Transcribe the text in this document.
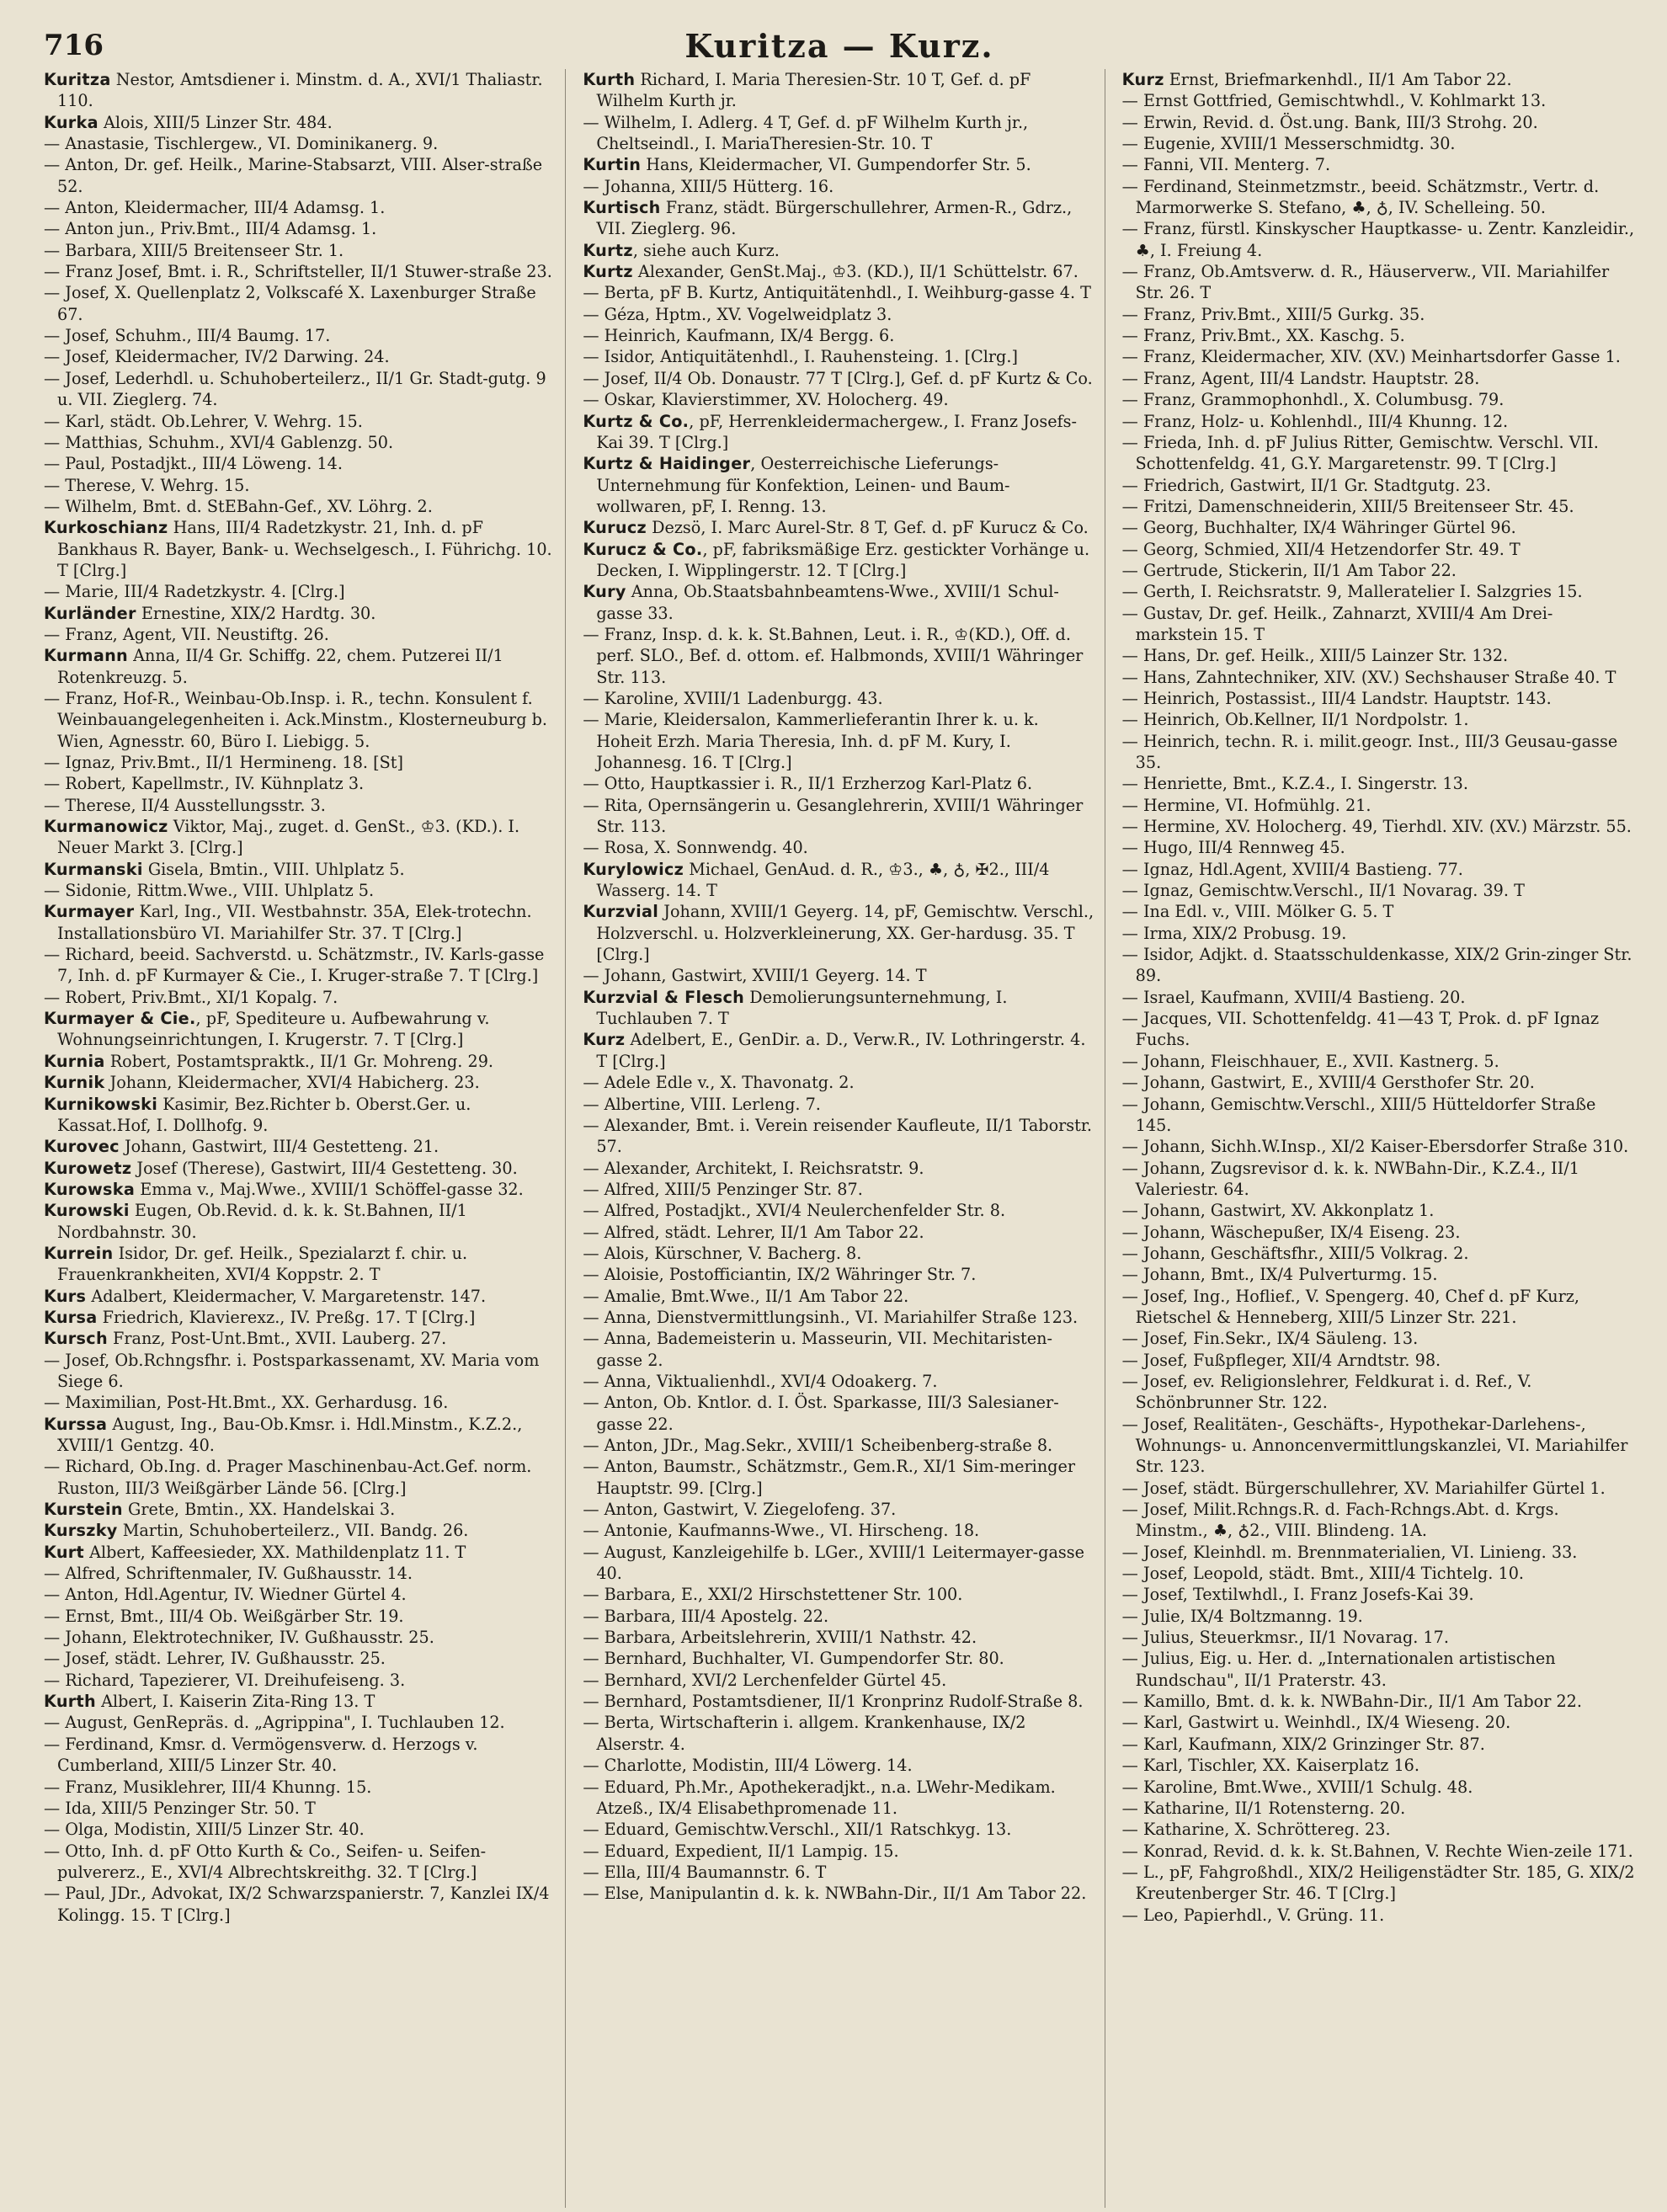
716	Kuritza — Kurz.

Kuritza Nestor, Amtsdiener i. Minstm. d. A., XVI/1 Thaliastr. 110.

Kurka Alois, XIII/5 Linzer Str. 484.

— Anastasie, Tischlergew., VI. Dominikanerg. 9.

— Anton, Dr. gef. Heilk., Marine-Stabsarzt, VIII. Alser-straße 52.

— Anton, Kleidermacher, III/4 Adamsg. 1.

— Anton jun., Priv.Bmt., III/4 Adamsg. 1.

— Barbara, XIII/5 Breitenseer Str. 1.

— Franz Josef, Bmt. i. R., Schriftsteller, II/1 Stuwer-straße 23.

— Josef, X. Quellenplatz 2, Volkscafé X. Laxenburger Straße 67.

— Josef, Schuhm., III/4 Baumg. 17.

— Josef, Kleidermacher, IV/2 Darwing. 24.

— Josef, Lederhdl. u. Schuhoberteilerz., II/1 Gr. Stadt-gutg. 9 u. VII. Zieglerg. 74.

— Karl, städt. Ob.Lehrer, V. Wehrg. 15.

— Matthias, Schuhm., XVI/4 Gablenzg. 50.

— Paul, Postadjkt., III/4 Löweng. 14.

— Therese, V. Wehrg. 15.

— Wilhelm, Bmt. d. StEBahn-Gef., XV. Löhrg. 2.

Kurkoschianz Hans, III/4 Radetzkystr. 21, Inh. d. pF Bankhaus R. Bayer, Bank- u. Wechselgesch., I. Führichg. 10. T [Clrg.]

— Marie, III/4 Radetzkystr. 4. [Clrg.]

Kurländer Ernestine, XIX/2 Hardtg. 30.

— Franz, Agent, VII. Neustiftg. 26.

Kurmann Anna, II/4 Gr. Schiffg. 22, chem. Putzerei II/1 Rotenkreuzg. 5.

— Franz, Hof-R., Weinbau-Ob.Insp. i. R., techn. Konsulent f. Weinbauangelegenheiten i. Ack.Minstm., Klosterneuburg b. Wien, Agnesstr. 60, Büro I. Liebigg. 5.

— Ignaz, Priv.Bmt., II/1 Hermineng. 18. [St]

— Robert, Kapellmstr., IV. Kühnplatz 3.

— Therese, II/4 Ausstellungsstr. 3.

Kurmanowicz Viktor, Maj., zuget. d. GenSt., ♔3. (KD.). I. Neuer Markt 3. [Clrg.]

Kurmanski Gisela, Bmtin., VIII. Uhlplatz 5.

— Sidonie, Rittm.Wwe., VIII. Uhlplatz 5.

Kurmayer Karl, Ing., VII. Westbahnstr. 35A, Elek-trotechn. Installationsbüro VI. Mariahilfer Str. 37. T [Clrg.]

— Richard, beeid. Sachverstd. u. Schätzmstr., IV. Karls-gasse 7, Inh. d. pF Kurmayer & Cie., I. Kruger-straße 7. T [Clrg.]

— Robert, Priv.Bmt., XI/1 Kopalg. 7.

Kurmayer & Cie., pF, Spediteure u. Aufbewahrung v. Wohnungseinrichtungen, I. Krugerstr. 7. T [Clrg.]

Kurnia Robert, Postamtspraktk., II/1 Gr. Mohreng. 29.

Kurnik Johann, Kleidermacher, XVI/4 Habicherg. 23.

Kurnikowski Kasimir, Bez.Richter b. Oberst.Ger. u. Kassat.Hof, I. Dollhofg. 9.

Kurovec Johann, Gastwirt, III/4 Gestetteng. 21.

Kurowetz Josef (Therese), Gastwirt, III/4 Gestetteng. 30.

Kurowska Emma v., Maj.Wwe., XVIII/1 Schöffel-gasse 32.

Kurowski Eugen, Ob.Revid. d. k. k. St.Bahnen, II/1 Nordbahnstr. 30.

Kurrein Isidor, Dr. gef. Heilk., Spezialarzt f. chir. u. Frauenkrankheiten, XVI/4 Koppstr. 2. T

Kurs Adalbert, Kleidermacher, V. Margaretenstr. 147.

Kursa Friedrich, Klavierexz., IV. Preßg. 17. T [Clrg.]

Kursch Franz, Post-Unt.Bmt., XVII. Lauberg. 27.

— Josef, Ob.Rchngsfhr. i. Postsparkassenamt, XV. Maria vom Siege 6.

— Maximilian, Post-Ht.Bmt., XX. Gerhardusg. 16.

Kurssa August, Ing., Bau-Ob.Kmsr. i. Hdl.Minstm., K.Z.2., XVIII/1 Gentzg. 40.

— Richard, Ob.Ing. d. Prager Maschinenbau-Act.Gef. norm. Ruston, III/3 Weißgärber Lände 56. [Clrg.]

Kurstein Grete, Bmtin., XX. Handelskai 3.

Kurszky Martin, Schuhoberteilerz., VII. Bandg. 26.

Kurt Albert, Kaffeesieder, XX. Mathildenplatz 11. T

— Alfred, Schriftenmaler, IV. Gußhausstr. 14.

— Anton, Hdl.Agentur, IV. Wiedner Gürtel 4.

— Ernst, Bmt., III/4 Ob. Weißgärber Str. 19.

— Johann, Elektrotechniker, IV. Gußhausstr. 25.

— Josef, städt. Lehrer, IV. Gußhausstr. 25.

— Richard, Tapezierer, VI. Dreihufeiseng. 3.

Kurth Albert, I. Kaiserin Zita-Ring 13. T

— August, GenRepräs. d. „Agrippina", I. Tuchlauben 12.

— Ferdinand, Kmsr. d. Vermögensverw. d. Herzogs v. Cumberland, XIII/5 Linzer Str. 40.

— Franz, Musiklehrer, III/4 Khunng. 15.

— Ida, XIII/5 Penzinger Str. 50. T

— Olga, Modistin, XIII/5 Linzer Str. 40.

— Otto, Inh. d. pF Otto Kurth & Co., Seifen- u. Seifen-pulvererz., E., XVI/4 Albrechtskreithg. 32. T [Clrg.]

— Paul, JDr., Advokat, IX/2 Schwarzspanierstr. 7, Kanzlei IX/4 Kolingg. 15. T [Clrg.]

Kurth Richard, I. Maria Theresien-Str. 10 T, Gef. d. pF Wilhelm Kurth jr.

— Wilhelm, I. Adlerg. 4 T, Gef. d. pF Wilhelm Kurth jr., Cheltseindl., I. MariaTheresien-Str. 10. T

Kurtin Hans, Kleidermacher, VI. Gumpendorfer Str. 5.

— Johanna, XIII/5 Hütterg. 16.

Kurtisch Franz, städt. Bürgerschullehrer, Armen-R., Gdrz., VII. Zieglerg. 96.

Kurtz, siehe auch Kurz.

Kurtz Alexander, GenSt.Maj., ♔3. (KD.), II/1 Schüttelstr. 67.

— Berta, pF B. Kurtz, Antiquitätenhdl., I. Weihburg-gasse 4. T

— Géza, Hptm., XV. Vogelweidplatz 3.

— Heinrich, Kaufmann, IX/4 Bergg. 6.

— Isidor, Antiquitätenhdl., I. Rauhensteing. 1. [Clrg.]

— Josef, II/4 Ob. Donaustr. 77 T [Clrg.], Gef. d. pF Kurtz & Co.

— Oskar, Klavierstimmer, XV. Holocherg. 49.

Kurtz & Co., pF, Herrenkleidermachergew., I. Franz Josefs-Kai 39. T [Clrg.]

Kurtz & Haidinger, Oesterreichische Lieferungs-Unternehmung für Konfektion, Leinen- und Baum-wollwaren, pF, I. Renng. 13.

Kurucz Dezsö, I. Marc Aurel-Str. 8 T, Gef. d. pF Kurucz & Co.

Kurucz & Co., pF, fabriksmäßige Erz. gestickter Vorhänge u. Decken, I. Wipplingerstr. 12. T [Clrg.]

Kury Anna, Ob.Staatsbahnbeamtens-Wwe., XVIII/1 Schul-gasse 33.

— Franz, Insp. d. k. k. St.Bahnen, Leut. i. R., ♔(KD.), Off. d. perf. SLO., Bef. d. ottom. ef. Halbmonds, XVIII/1 Währinger Str. 113.

— Karoline, XVIII/1 Ladenburgg. 43.

— Marie, Kleidersalon, Kammerlieferantin Ihrer k. u. k. Hoheit Erzh. Maria Theresia, Inh. d. pF M. Kury, I. Johannesg. 16. T [Clrg.]

— Otto, Hauptkassier i. R., II/1 Erzherzog Karl-Platz 6.

— Rita, Opernsängerin u. Gesanglehrerin, XVIII/1 Währinger Str. 113.

— Rosa, X. Sonnwendg. 40.

Kurylowicz Michael, GenAud. d. R., ♔3., ♣, ♁, ✠2., III/4 Wasserg. 14. T

Kurzvial Johann, XVIII/1 Geyerg. 14, pF, Gemischtw. Verschl., Holzverschl. u. Holzverkleinerung, XX. Ger-hardusg. 35. T [Clrg.]

— Johann, Gastwirt, XVIII/1 Geyerg. 14. T

Kurzvial & Flesch Demolierungsunternehmung, I. Tuchlauben 7. T

Kurz Adelbert, E., GenDir. a. D., Verw.R., IV. Lothringerstr. 4. T [Clrg.]

— Adele Edle v., X. Thavonatg. 2.

— Albertine, VIII. Lerleng. 7.

— Alexander, Bmt. i. Verein reisender Kaufleute, II/1 Taborstr. 57.

— Alexander, Architekt, I. Reichsratstr. 9.

— Alfred, XIII/5 Penzinger Str. 87.

— Alfred, Postadjkt., XVI/4 Neulerchenfelder Str. 8.

— Alfred, städt. Lehrer, II/1 Am Tabor 22.

— Alois, Kürschner, V. Bacherg. 8.

— Aloisie, Postofficiantin, IX/2 Währinger Str. 7.

— Amalie, Bmt.Wwe., II/1 Am Tabor 22.

— Anna, Dienstvermittlungsinh., VI. Mariahilfer Straße 123.

— Anna, Bademeisterin u. Masseurin, VII. Mechitaristen-gasse 2.

— Anna, Viktualienhdl., XVI/4 Odoakerg. 7.

— Anton, Ob. Kntlor. d. I. Öst. Sparkasse, III/3 Salesianer-gasse 22.

— Anton, JDr., Mag.Sekr., XVIII/1 Scheibenberg-straße 8.

— Anton, Baumstr., Schätzmstr., Gem.R., XI/1 Sim-meringer Hauptstr. 99. [Clrg.]

— Anton, Gastwirt, V. Ziegelofeng. 37.

— Antonie, Kaufmanns-Wwe., VI. Hirscheng. 18.

— August, Kanzleigehilfe b. LGer., XVIII/1 Leitermayer-gasse 40.

— Barbara, E., XXI/2 Hirschstettener Str. 100.

— Barbara, III/4 Apostelg. 22.

— Barbara, Arbeitslehrerin, XVIII/1 Nathstr. 42.

— Bernhard, Buchhalter, VI. Gumpendorfer Str. 80.

— Bernhard, XVI/2 Lerchenfelder Gürtel 45.

— Bernhard, Postamtsdiener, II/1 Kronprinz Rudolf-Straße 8.

— Berta, Wirtschafterin i. allgem. Krankenhause, IX/2 Alserstr. 4.

— Charlotte, Modistin, III/4 Löwerg. 14.

— Eduard, Ph.Mr., Apothekeradjkt., n.a. LWehr-Medikam. Atzeß., IX/4 Elisabethpromenade 11.

— Eduard, Gemischtw.Verschl., XII/1 Ratschkyg. 13.

— Eduard, Expedient, II/1 Lampig. 15.

— Ella, III/4 Baumannstr. 6. T

— Else, Manipulantin d. k. k. NWBahn-Dir., II/1 Am Tabor 22.

Kurz Ernst, Briefmarkenhdl., II/1 Am Tabor 22.

— Ernst Gottfried, Gemischtwhdl., V. Kohlmarkt 13.

— Erwin, Revid. d. Öst.ung. Bank, III/3 Strohg. 20.

— Eugenie, XVIII/1 Messerschmidtg. 30.

— Fanni, VII. Menterg. 7.

— Ferdinand, Steinmetzmstr., beeid. Schätzmstr., Vertr. d. Marmorwerke S. Stefano, ♣, ♁, IV. Schelleing. 50.

— Franz, fürstl. Kinskyscher Hauptkasse- u. Zentr. Kanzleidir., ♣, I. Freiung 4.

— Franz, Ob.Amtsverw. d. R., Häuserverw., VII. Mariahilfer Str. 26. T

— Franz, Priv.Bmt., XIII/5 Gurkg. 35.

— Franz, Priv.Bmt., XX. Kaschg. 5.

— Franz, Kleidermacher, XIV. (XV.) Meinhartsdorfer Gasse 1.

— Franz, Agent, III/4 Landstr. Hauptstr. 28.

— Franz, Grammophonhdl., X. Columbusg. 79.

— Franz, Holz- u. Kohlenhdl., III/4 Khunng. 12.

— Frieda, Inh. d. pF Julius Ritter, Gemischtw. Verschl. VII. Schottenfeldg. 41, G.Y. Margaretenstr. 99. T [Clrg.]

— Friedrich, Gastwirt, II/1 Gr. Stadtgutg. 23.

— Fritzi, Damenschneiderin, XIII/5 Breitenseer Str. 45.

— Georg, Buchhalter, IX/4 Währinger Gürtel 96.

— Georg, Schmied, XII/4 Hetzendorfer Str. 49. T

— Gertrude, Stickerin, II/1 Am Tabor 22.

— Gerth, I. Reichsratstr. 9, Malleratelier I. Salzgries 15.

— Gustav, Dr. gef. Heilk., Zahnarzt, XVIII/4 Am Drei-markstein 15. T

— Hans, Dr. gef. Heilk., XIII/5 Lainzer Str. 132.

— Hans, Zahntechniker, XIV. (XV.) Sechshauser Straße 40. T

— Heinrich, Postassist., III/4 Landstr. Hauptstr. 143.

— Heinrich, Ob.Kellner, II/1 Nordpolstr. 1.

— Heinrich, techn. R. i. milit.geogr. Inst., III/3 Geusau-gasse 35.

— Henriette, Bmt., K.Z.4., I. Singerstr. 13.

— Hermine, VI. Hofmühlg. 21.

— Hermine, XV. Holocherg. 49, Tierhdl. XIV. (XV.) Märzstr. 55.

— Hugo, III/4 Rennweg 45.

— Ignaz, Hdl.Agent, XVIII/4 Bastieng. 77.

— Ignaz, Gemischtw.Verschl., II/1 Novarag. 39. T

— Ina Edl. v., VIII. Mölker G. 5. T

— Irma, XIX/2 Probusg. 19.

— Isidor, Adjkt. d. Staatsschuldenkasse, XIX/2 Grin-zinger Str. 89.

— Israel, Kaufmann, XVIII/4 Bastieng. 20.

— Jacques, VII. Schottenfeldg. 41—43 T, Prok. d. pF Ignaz Fuchs.

— Johann, Fleischhauer, E., XVII. Kastnerg. 5.

— Johann, Gastwirt, E., XVIII/4 Gersthofer Str. 20.

— Johann, Gemischtw.Verschl., XIII/5 Hütteldorfer Straße 145.

— Johann, Sichh.W.Insp., XI/2 Kaiser-Ebersdorfer Straße 310.

— Johann, Zugsrevisor d. k. k. NWBahn-Dir., K.Z.4., II/1 Valeriestr. 64.

— Johann, Gastwirt, XV. Akkonplatz 1.

— Johann, Wäschepußer, IX/4 Eiseng. 23.

— Johann, Geschäftsfhr., XIII/5 Volkrag. 2.

— Johann, Bmt., IX/4 Pulverturmg. 15.

— Josef, Ing., Hoflief., V. Spengerg. 40, Chef d. pF Kurz, Rietschel & Henneberg, XIII/5 Linzer Str. 221.

— Josef, Fin.Sekr., IX/4 Säuleng. 13.

— Josef, Fußpfleger, XII/4 Arndtstr. 98.

— Josef, ev. Religionslehrer, Feldkurat i. d. Ref., V. Schönbrunner Str. 122.

— Josef, Realitäten-, Geschäfts-, Hypothekar-Darlehens-, Wohnungs- u. Annoncenvermittlungskanzlei, VI. Mariahilfer Str. 123.

— Josef, städt. Bürgerschullehrer, XV. Mariahilfer Gürtel 1.

— Josef, Milit.Rchngs.R. d. Fach-Rchngs.Abt. d. Krgs. Minstm., ♣, ♁2., VIII. Blindeng. 1A.

— Josef, Kleinhdl. m. Brennmaterialien, VI. Linieng. 33.

— Josef, Leopold, städt. Bmt., XIII/4 Tichtelg. 10.

— Josef, Textilwhdl., I. Franz Josefs-Kai 39.

— Julie, IX/4 Boltzmanng. 19.

— Julius, Steuerkmsr., II/1 Novarag. 17.

— Julius, Eig. u. Her. d. „Internationalen artistischen Rundschau", II/1 Praterstr. 43.

— Kamillo, Bmt. d. k. k. NWBahn-Dir., II/1 Am Tabor 22.

— Karl, Gastwirt u. Weinhdl., IX/4 Wieseng. 20.

— Karl, Kaufmann, XIX/2 Grinzinger Str. 87.

— Karl, Tischler, XX. Kaiserplatz 16.

— Karoline, Bmt.Wwe., XVIII/1 Schulg. 48.

— Katharine, II/1 Rotensterng. 20.

— Katharine, X. Schröttereg. 23.

— Konrad, Revid. d. k. k. St.Bahnen, V. Rechte Wien-zeile 171.

— L., pF, Fahgroßhdl., XIX/2 Heiligenstädter Str. 185, G. XIX/2 Kreutenberger Str. 46. T [Clrg.]

— Leo, Papierhdl., V. Grüng. 11.
